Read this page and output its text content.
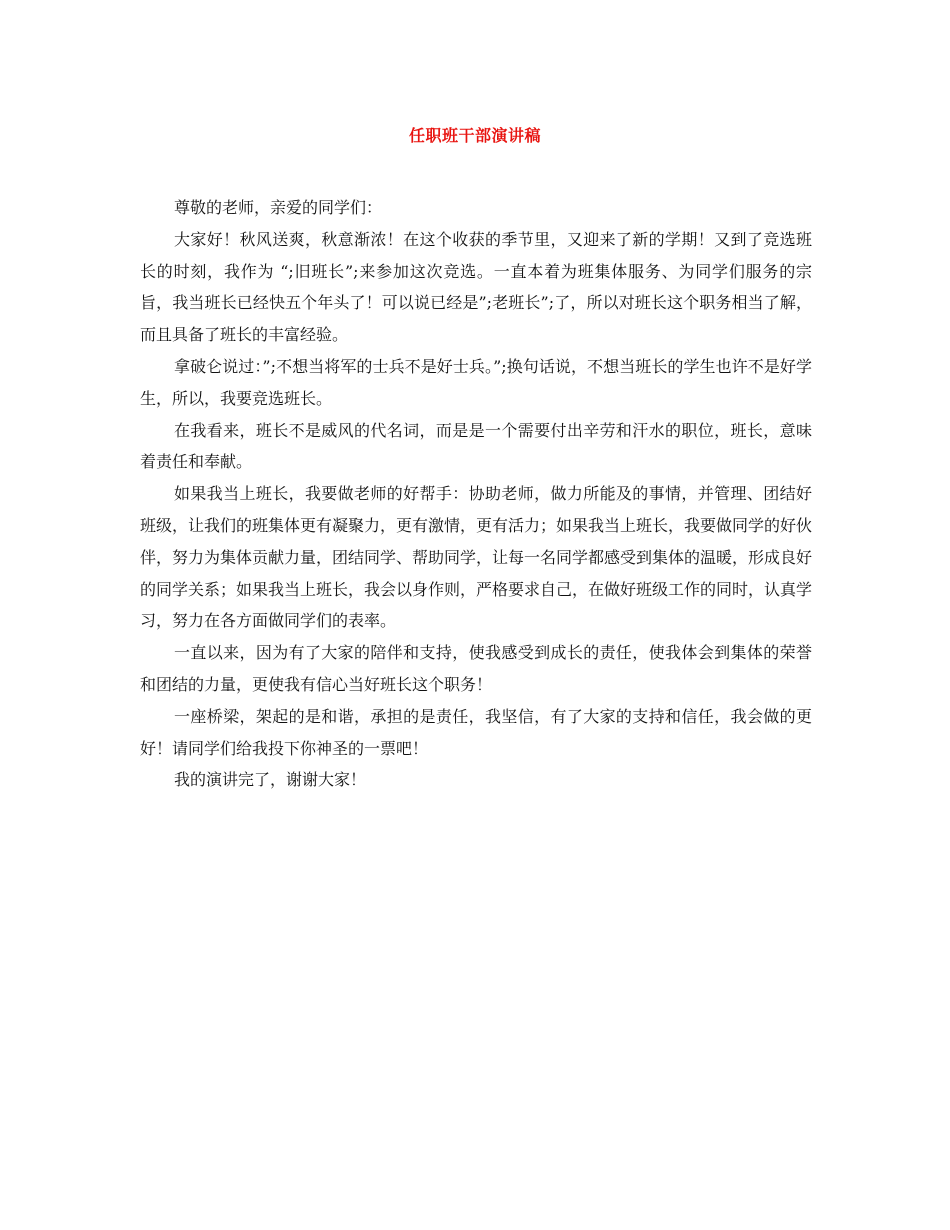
任职班干部演讲稿

尊敬的老师，亲爱的同学们：

大家好！秋风送爽，秋意渐浓！在这个收获的季节里，又迎来了新的学期！又到了竞选班长的时刻，我作为 “;旧班长”;来参加这次竞选。一直本着为班集体服务、为同学们服务的宗旨，我当班长已经快五个年头了！可以说已经是”;老班长”;了，所以对班长这个职务相当了解，而且具备了班长的丰富经验。

拿破仑说过：”;不想当将军的士兵不是好士兵。”;换句话说，不想当班长的学生也许不是好学生，所以，我要竞选班长。

在我看来，班长不是威风的代名词，而是是一个需要付出辛劳和汗水的职位，班长，意味着责任和奉献。

如果我当上班长，我要做老师的好帮手：协助老师，做力所能及的事情，并管理、团结好班级，让我们的班集体更有凝聚力，更有激情，更有活力；如果我当上班长，我要做同学的好伙伴，努力为集体贡献力量，团结同学、帮助同学，让每一名同学都感受到集体的温暖，形成良好的同学关系；如果我当上班长，我会以身作则，严格要求自己，在做好班级工作的同时，认真学习，努力在各方面做同学们的表率。

一直以来，因为有了大家的陪伴和支持，使我感受到成长的责任，使我体会到集体的荣誉和团结的力量，更使我有信心当好班长这个职务！

一座桥梁，架起的是和谐，承担的是责任，我坚信，有了大家的支持和信任，我会做的更好！请同学们给我投下你神圣的一票吧！

我的演讲完了，谢谢大家！
